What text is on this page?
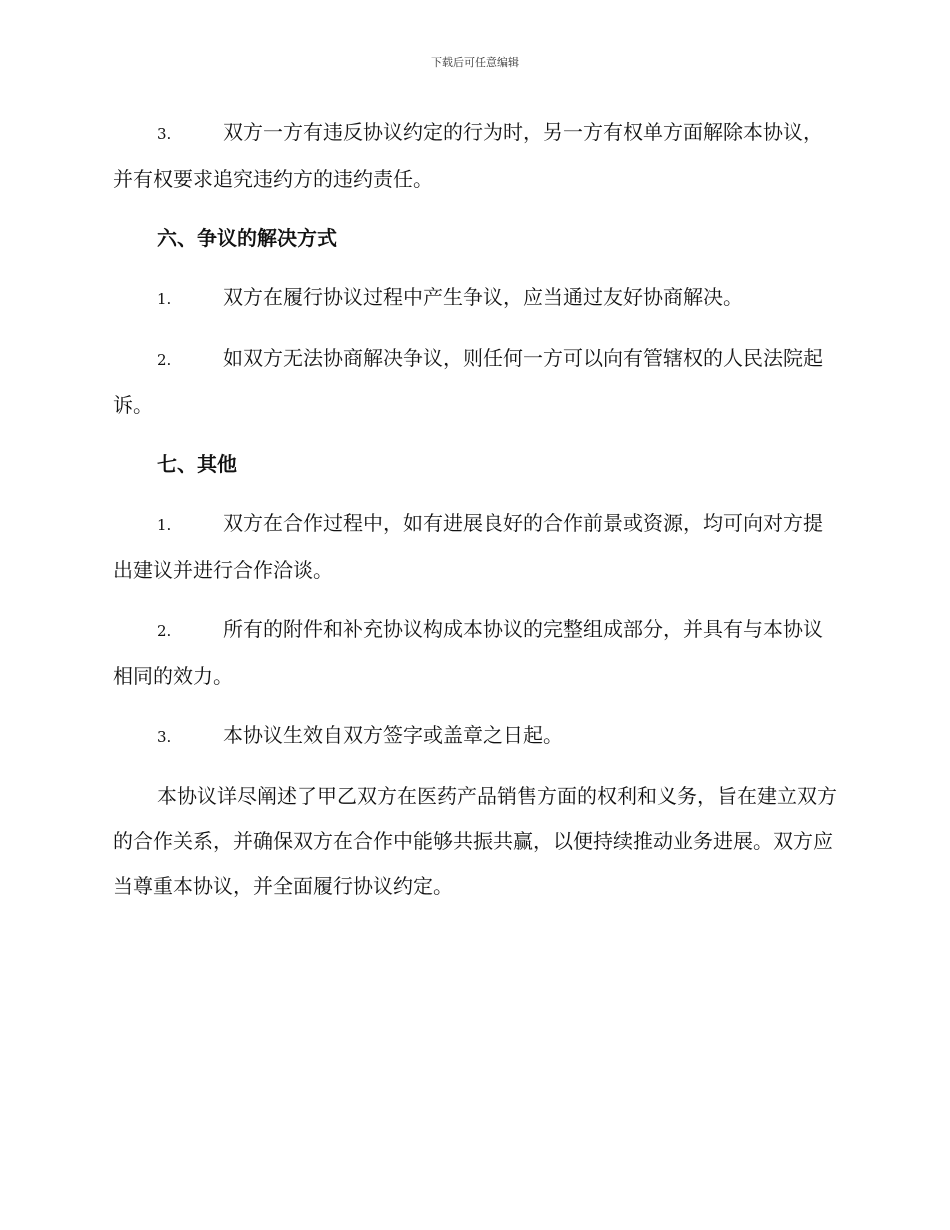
下载后可任意编辑

3.	双方一方有违反协议约定的行为时，另一方有权单方面解除本协议，并有权要求追究违约方的违约责任。

六、争议的解决方式

1.	双方在履行协议过程中产生争议，应当通过友好协商解决。

2.	如双方无法协商解决争议，则任何一方可以向有管辖权的人民法院起诉。

七、其他

1.	双方在合作过程中，如有进展良好的合作前景或资源，均可向对方提出建议并进行合作洽谈。

2.	所有的附件和补充协议构成本协议的完整组成部分，并具有与本协议相同的效力。

3.	本协议生效自双方签字或盖章之日起。

本协议详尽阐述了甲乙双方在医药产品销售方面的权利和义务，旨在建立双方的合作关系，并确保双方在合作中能够共振共赢，以便持续推动业务进展。双方应当尊重本协议，并全面履行协议约定。
